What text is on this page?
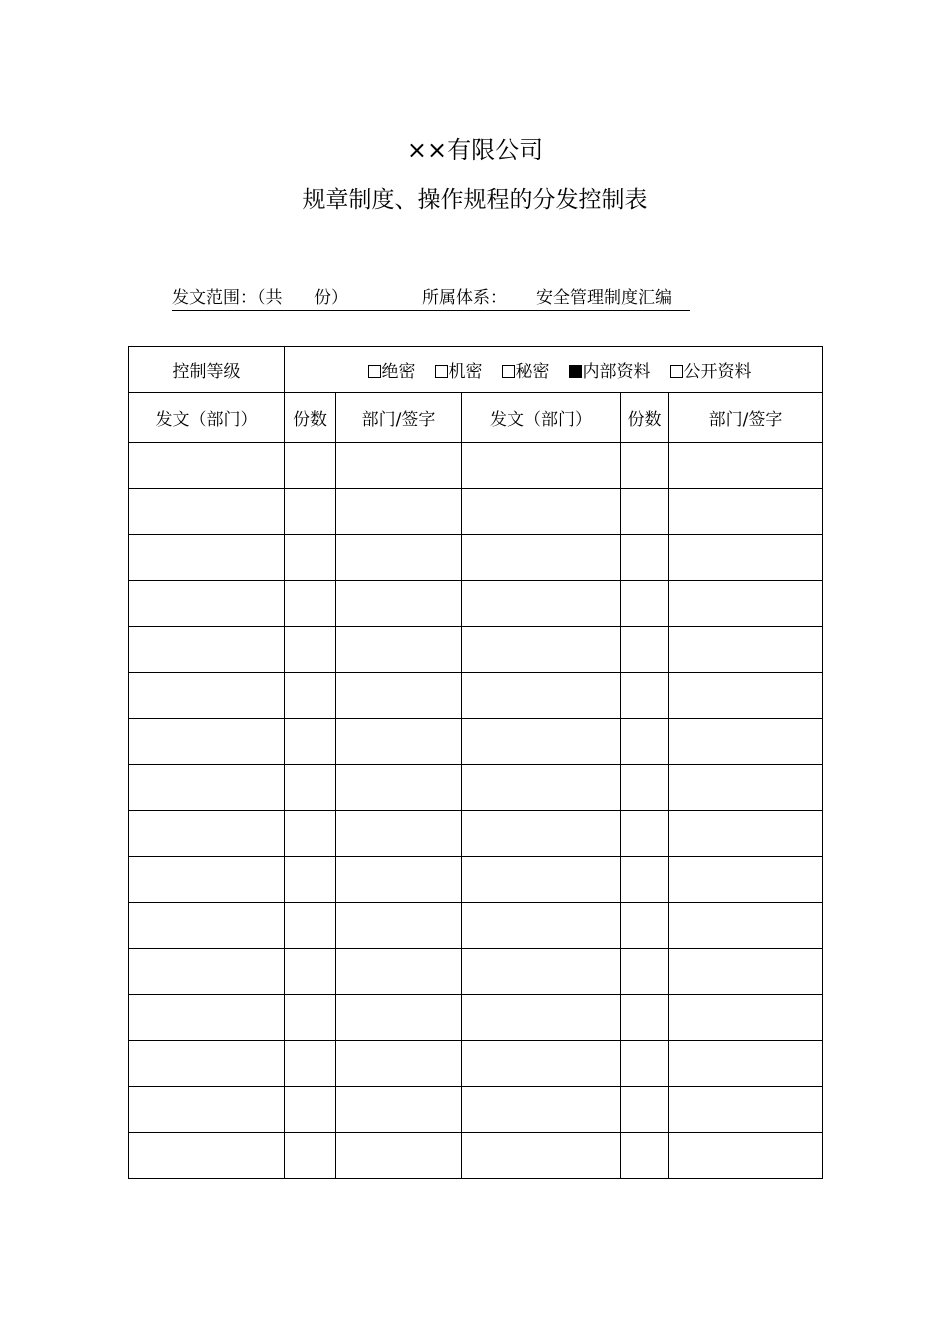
××有限公司
规章制度、操作规程的分发控制表
发文范围：（共 份）	所属体系： 安全管理制度汇编
控制等级	绝密 机密 秘密 内部资料 公开资料				
发文（部门）	份数	部门/签字	发文（部门）	份数	部门/签字
